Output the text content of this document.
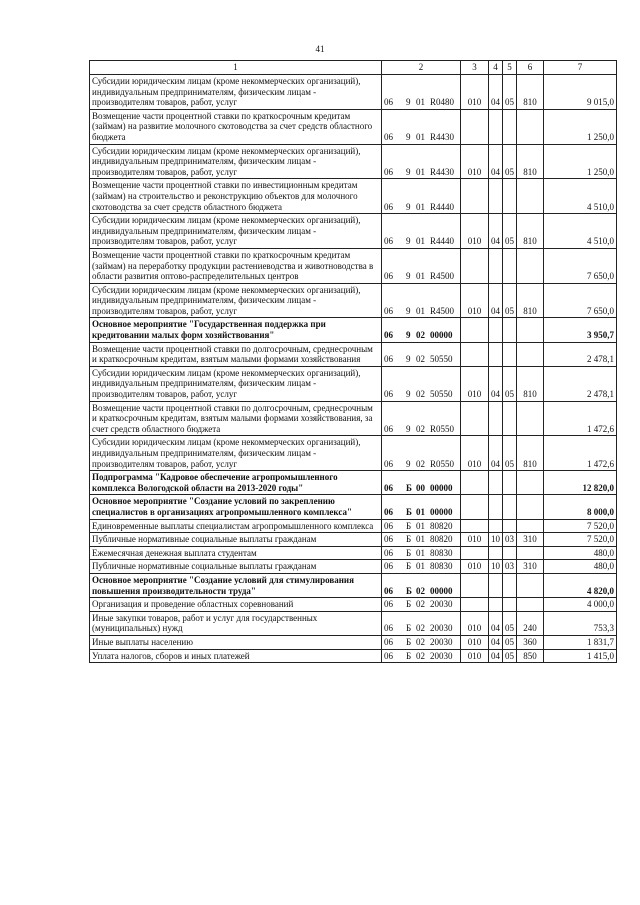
41
1	2	3	4	5	6	7
Субсидии юридическим лицам (кроме некоммерческих организаций), индивидуальным предпринимателям, физическим лицам - производителям товаров, работ, услуг	06 9 01 R0480	010	04	05	810	9 015,0
Возмещение части процентной ставки по краткосрочным кредитам (займам) на развитие молочного скотоводства за счет средств областного бюджета	06 9 01 R4430					1 250,0
Субсидии юридическим лицам (кроме некоммерческих организаций), индивидуальным предпринимателям, физическим лицам - производителям товаров, работ, услуг	06 9 01 R4430	010	04	05	810	1 250,0
Возмещение части процентной ставки по инвестиционным кредитам (займам) на строительство и реконструкцию объектов для молочного скотоводства за счет средств областного бюджета	06 9 01 R4440					4 510,0
Субсидии юридическим лицам (кроме некоммерческих организаций), индивидуальным предпринимателям, физическим лицам - производителям товаров, работ, услуг	06 9 01 R4440	010	04	05	810	4 510,0
Возмещение части процентной ставки по краткосрочным кредитам (займам) на переработку продукции растениеводства и животноводства в области развития оптово-распределительных центров	06 9 01 R4500					7 650,0
Субсидии юридическим лицам (кроме некоммерческих организаций), индивидуальным предпринимателям, физическим лицам - производителям товаров, работ, услуг	06 9 01 R4500	010	04	05	810	7 650,0
Основное мероприятие "Государственная поддержка при кредитовании малых форм хозяйствования"	06 9 02 00000					3 950,7
Возмещение части процентной ставки по долгосрочным, среднесрочным и краткосрочным кредитам, взятым малыми формами хозяйствования	06 9 02 50550					2 478,1
Субсидии юридическим лицам (кроме некоммерческих организаций), индивидуальным предпринимателям, физическим лицам - производителям товаров, работ, услуг	06 9 02 50550	010	04	05	810	2 478,1
Возмещение части процентной ставки по долгосрочным, среднесрочным и краткосрочным кредитам, взятым малыми формами хозяйствования, за счет средств областного бюджета	06 9 02 R0550					1 472,6
Субсидии юридическим лицам (кроме некоммерческих организаций), индивидуальным предпринимателям, физическим лицам - производителям товаров, работ, услуг	06 9 02 R0550	010	04	05	810	1 472,6
Подпрограмма "Кадровое обеспечение агропромышленного комплекса Вологодской области на 2013-2020 годы"	06 Б 00 00000					12 820,0
Основное мероприятие "Создание условий по закреплению специалистов в организациях агропромышленного комплекса"	06 Б 01 00000					8 000,0
Единовременные выплаты специалистам агропромышленного комплекса	06 Б 01 80820					7 520,0
Публичные нормативные социальные выплаты гражданам	06 Б 01 80820	010	10	03	310	7 520,0
Ежемесячная денежная выплата студентам	06 Б 01 80830					480,0
Публичные нормативные социальные выплаты гражданам	06 Б 01 80830	010	10	03	310	480,0
Основное мероприятие "Создание условий для стимулирования повышения производительности труда"	06 Б 02 00000					4 820,0
Организация и проведение областных соревнований	06 Б 02 20030					4 000,0
Иные закупки товаров, работ и услуг для государственных (муниципальных) нужд	06 Б 02 20030	010	04	05	240	753,3
Иные выплаты населению	06 Б 02 20030	010	04	05	360	1 831,7
Уплата налогов, сборов и иных платежей	06 Б 02 20030	010	04	05	850	1 415,0
